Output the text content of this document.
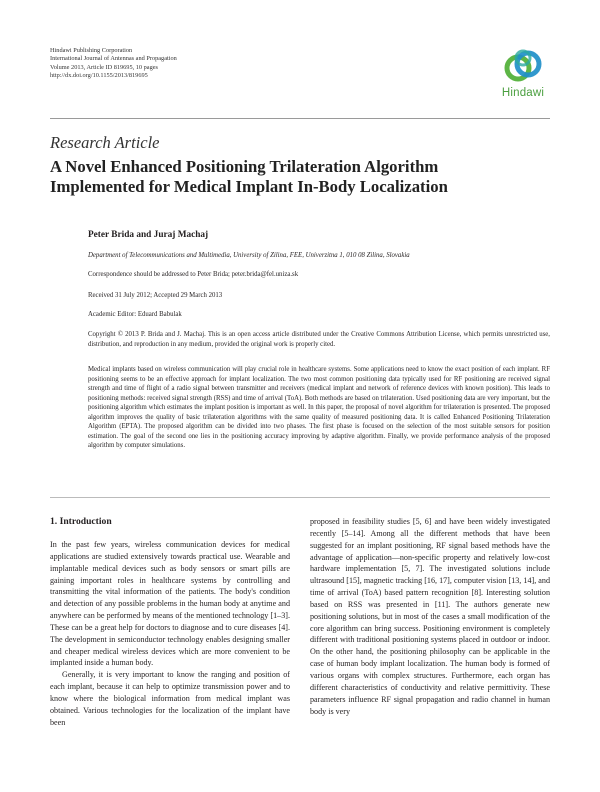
Hindawi Publishing Corporation
International Journal of Antennas and Propagation
Volume 2013, Article ID 819695, 10 pages
http://dx.doi.org/10.1155/2013/819695
Hindawi
Research Article
A Novel Enhanced Positioning Trilateration Algorithm
Implemented for Medical Implant In-Body Localization
Peter Brida and Juraj Machaj
Department of Telecommunications and Multimedia, University of Zilina, FEE, Univerzitna 1, 010 08 Zilina, Slovakia
Correspondence should be addressed to Peter Brida; peter.brida@fel.uniza.sk
Received 31 July 2012; Accepted 29 March 2013
Academic Editor: Eduard Babulak
Copyright © 2013 P. Brida and J. Machaj. This is an open access article distributed under the Creative Commons Attribution License, which permits unrestricted use, distribution, and reproduction in any medium, provided the original work is properly cited.
Medical implants based on wireless communication will play crucial role in healthcare systems. Some applications need to know the exact position of each implant. RF positioning seems to be an effective approach for implant localization. The two most common positioning data typically used for RF positioning are received signal strength and time of flight of a radio signal between transmitter and receivers (medical implant and network of reference devices with known position). This leads to positioning methods: received signal strength (RSS) and time of arrival (ToA). Both methods are based on trilateration. Used positioning data are very important, but the positioning algorithm which estimates the implant position is important as well. In this paper, the proposal of novel algorithm for trilateration is presented. The proposed algorithm improves the quality of basic trilateration algorithms with the same quality of measured positioning data. It is called Enhanced Positioning Trilateration Algorithm (EPTA). The proposed algorithm can be divided into two phases. The first phase is focused on the selection of the most suitable sensors for position estimation. The goal of the second one lies in the positioning accuracy improving by adaptive algorithm. Finally, we provide performance analysis of the proposed algorithm by computer simulations.
1. Introduction

In the past few years, wireless communication devices for medical applications are studied extensively towards practical use. Wearable and implantable medical devices such as body sensors or smart pills are gaining important roles in healthcare systems by controlling and transmitting the vital information of the patients. The body's condition and detection of any possible problems in the human body at anytime and anywhere can be performed by means of the mentioned technology [1–3]. These can be a great help for doctors to diagnose and to cure diseases [4]. The development in semiconductor technology enables designing smaller and cheaper medical wireless devices which are more convenient to be implanted inside a human body.

Generally, it is very important to know the ranging and position of each implant, because it can help to optimize transmission power and to know where the biological information from medical implant was obtained. Various technologies for the localization of the implant have been

proposed in feasibility studies [5, 6] and have been widely investigated recently [5–14]. Among all the different methods that have been suggested for an implant positioning, RF signal based methods have the advantage of application—non-specific property and relatively low-cost hardware implementation [5, 7]. The investigated solutions include ultrasound [15], magnetic tracking [16, 17], computer vision [13, 14], and time of arrival (ToA) based pattern recognition [8]. Interesting solution based on RSS was presented in [11]. The authors generate new positioning solutions, but in most of the cases a small modification of the core algorithm can bring success. Positioning environment is completely different with traditional positioning systems placed in outdoor or indoor. On the other hand, the positioning philosophy can be applicable in the case of human body implant localization. The human body is formed of various organs with complex structures. Furthermore, each organ has different characteristics of conductivity and relative permittivity. These parameters influence RF signal propagation and radio channel in human body is very
